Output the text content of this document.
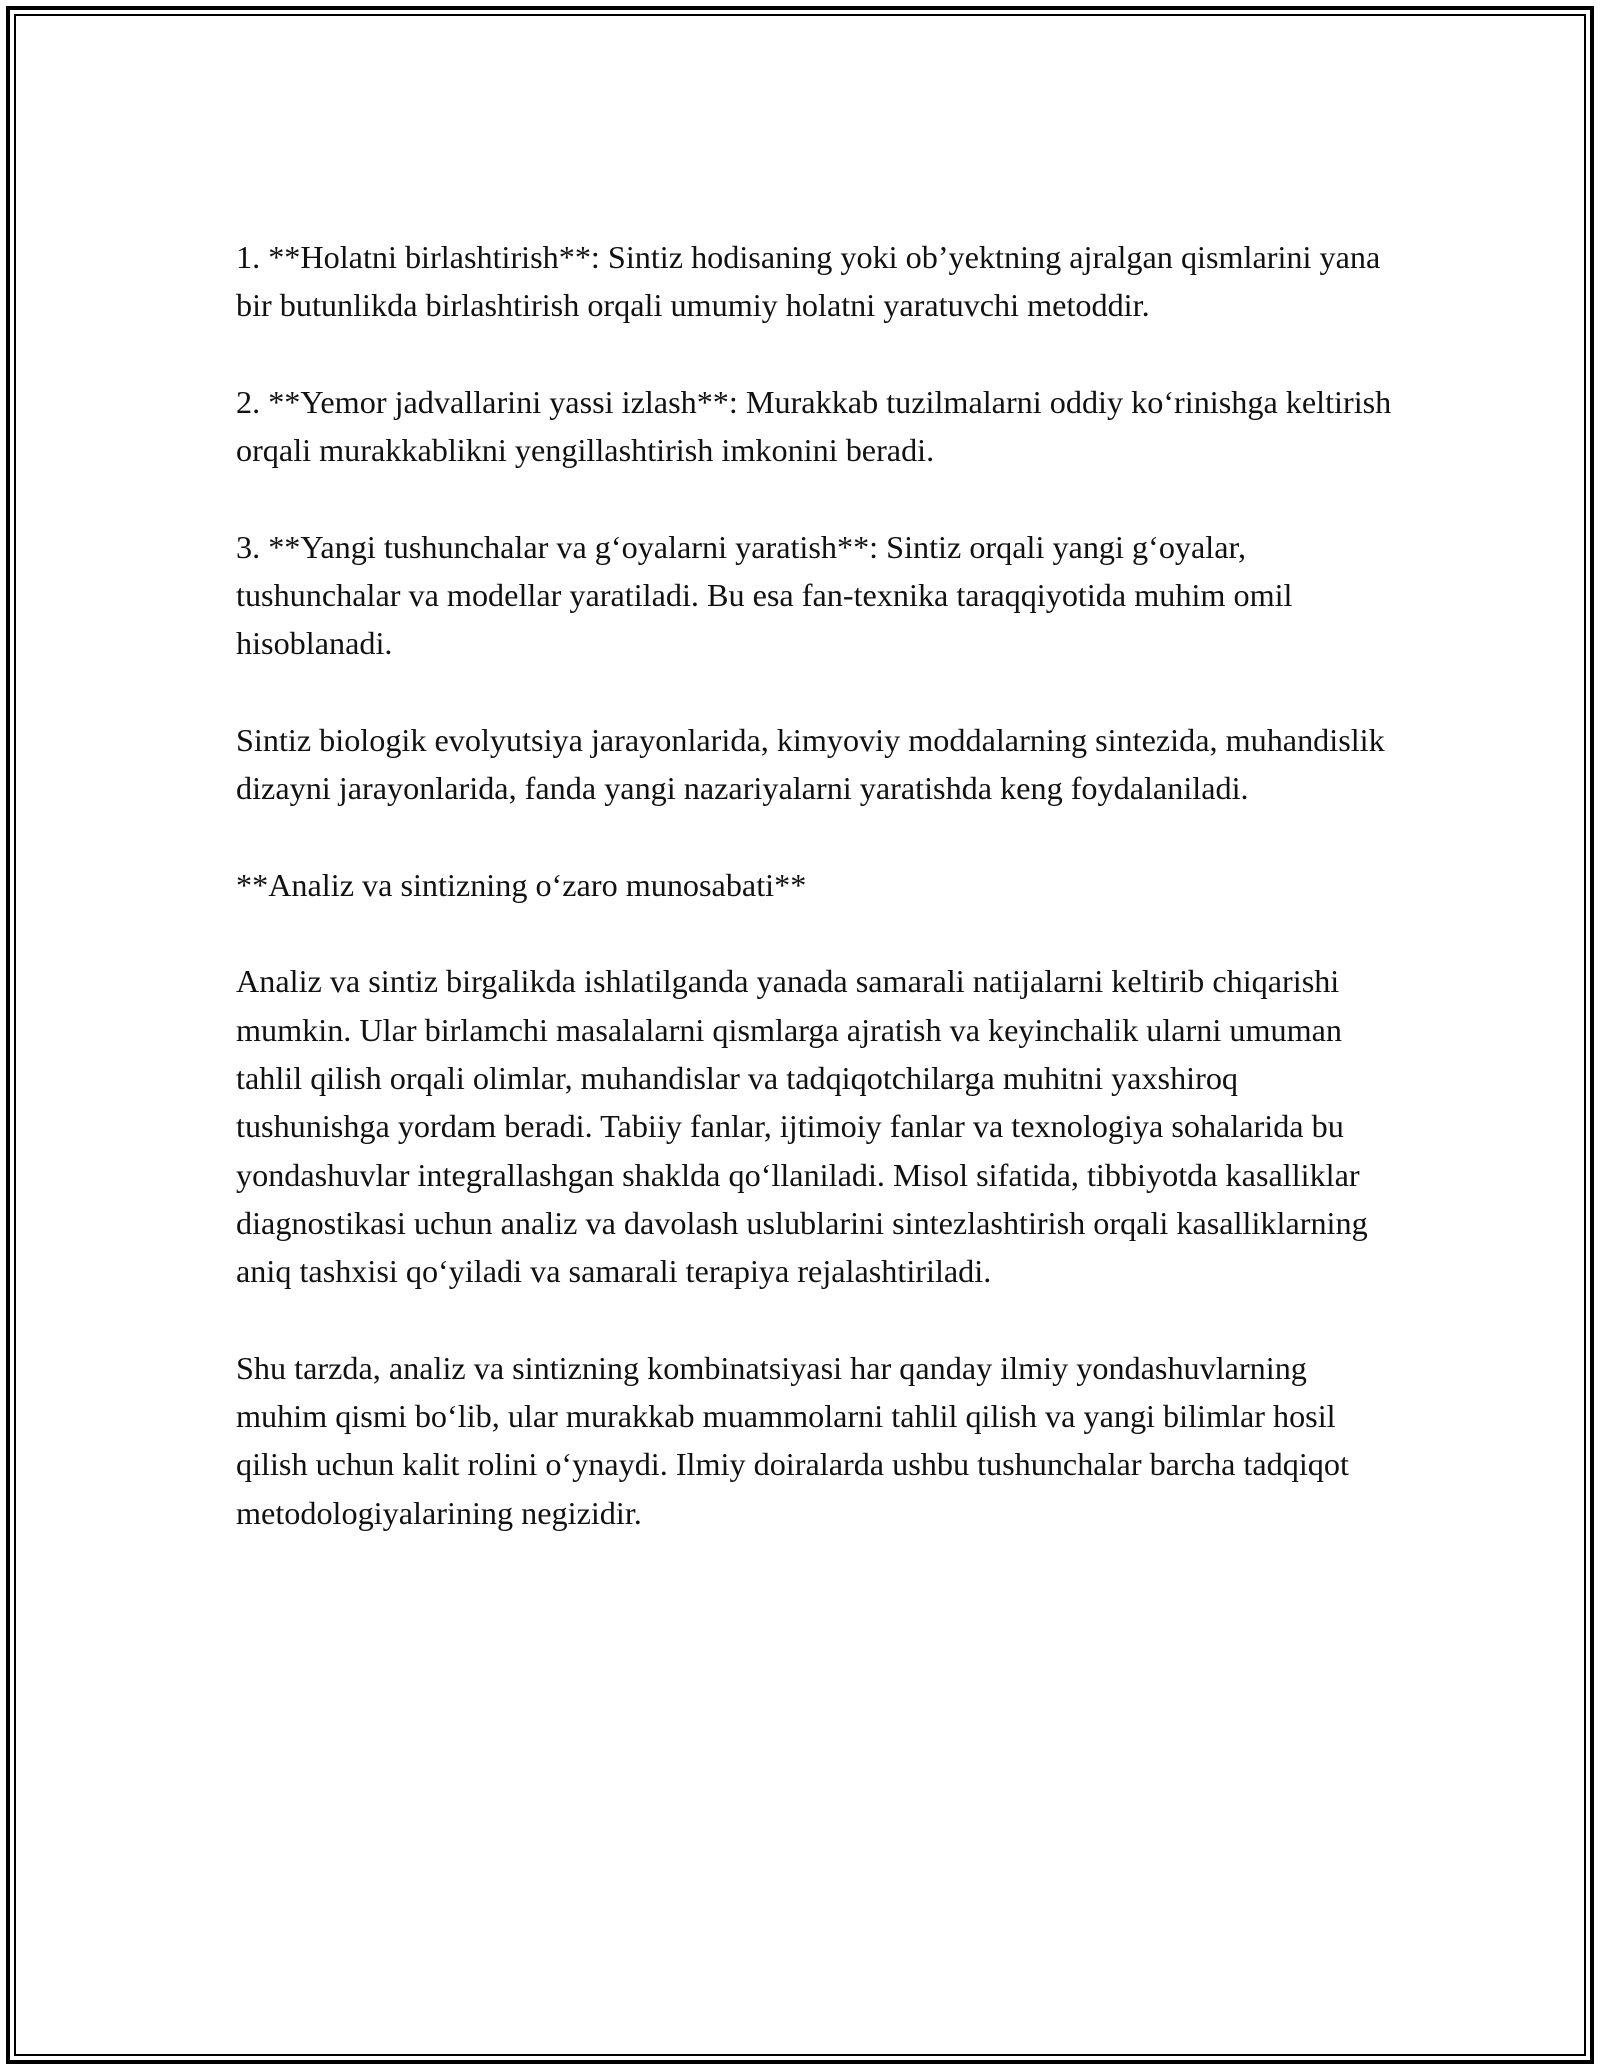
1. **Holatni birlashtirish**: Sintiz hodisaning yoki ob’yektning ajralgan qismlarini yana bir butunlikda birlashtirish orqali umumiy holatni yaratuvchi metoddir.

2. **Yemor jadvallarini yassi izlash**: Murakkab tuzilmalarni oddiy ko‘rinishga keltirish orqali murakkablikni yengillashtirish imkonini beradi.

3. **Yangi tushunchalar va g‘oyalarni yaratish**: Sintiz orqali yangi g‘oyalar, tushunchalar va modellar yaratiladi. Bu esa fan-texnika taraqqiyotida muhim omil hisoblanadi.

Sintiz biologik evolyutsiya jarayonlarida, kimyoviy moddalarning sintezida, muhandislik dizayni jarayonlarida, fanda yangi nazariyalarni yaratishda keng foydalaniladi.

**Analiz va sintizning o‘zaro munosabati**

Analiz va sintiz birgalikda ishlatilganda yanada samarali natijalarni keltirib chiqarishi mumkin. Ular birlamchi masalalarni qismlarga ajratish va keyinchalik ularni umuman tahlil qilish orqali olimlar, muhandislar va tadqiqotchilarga muhitni yaxshiroq tushunishga yordam beradi. Tabiiy fanlar, ijtimoiy fanlar va texnologiya sohalarida bu yondashuvlar integrallashgan shaklda qo‘llaniladi. Misol sifatida, tibbiyotda kasalliklar diagnostikasi uchun analiz va davolash uslublarini sintezlashtirish orqali kasalliklarning aniq tashxisi qo‘yiladi va samarali terapiya rejalashtiriladi.

Shu tarzda, analiz va sintizning kombinatsiyasi har qanday ilmiy yondashuvlarning muhim qismi bo‘lib, ular murakkab muammolarni tahlil qilish va yangi bilimlar hosil qilish uchun kalit rolini o‘ynaydi. Ilmiy doiralarda ushbu tushunchalar barcha tadqiqot metodologiyalarining negizidir.
